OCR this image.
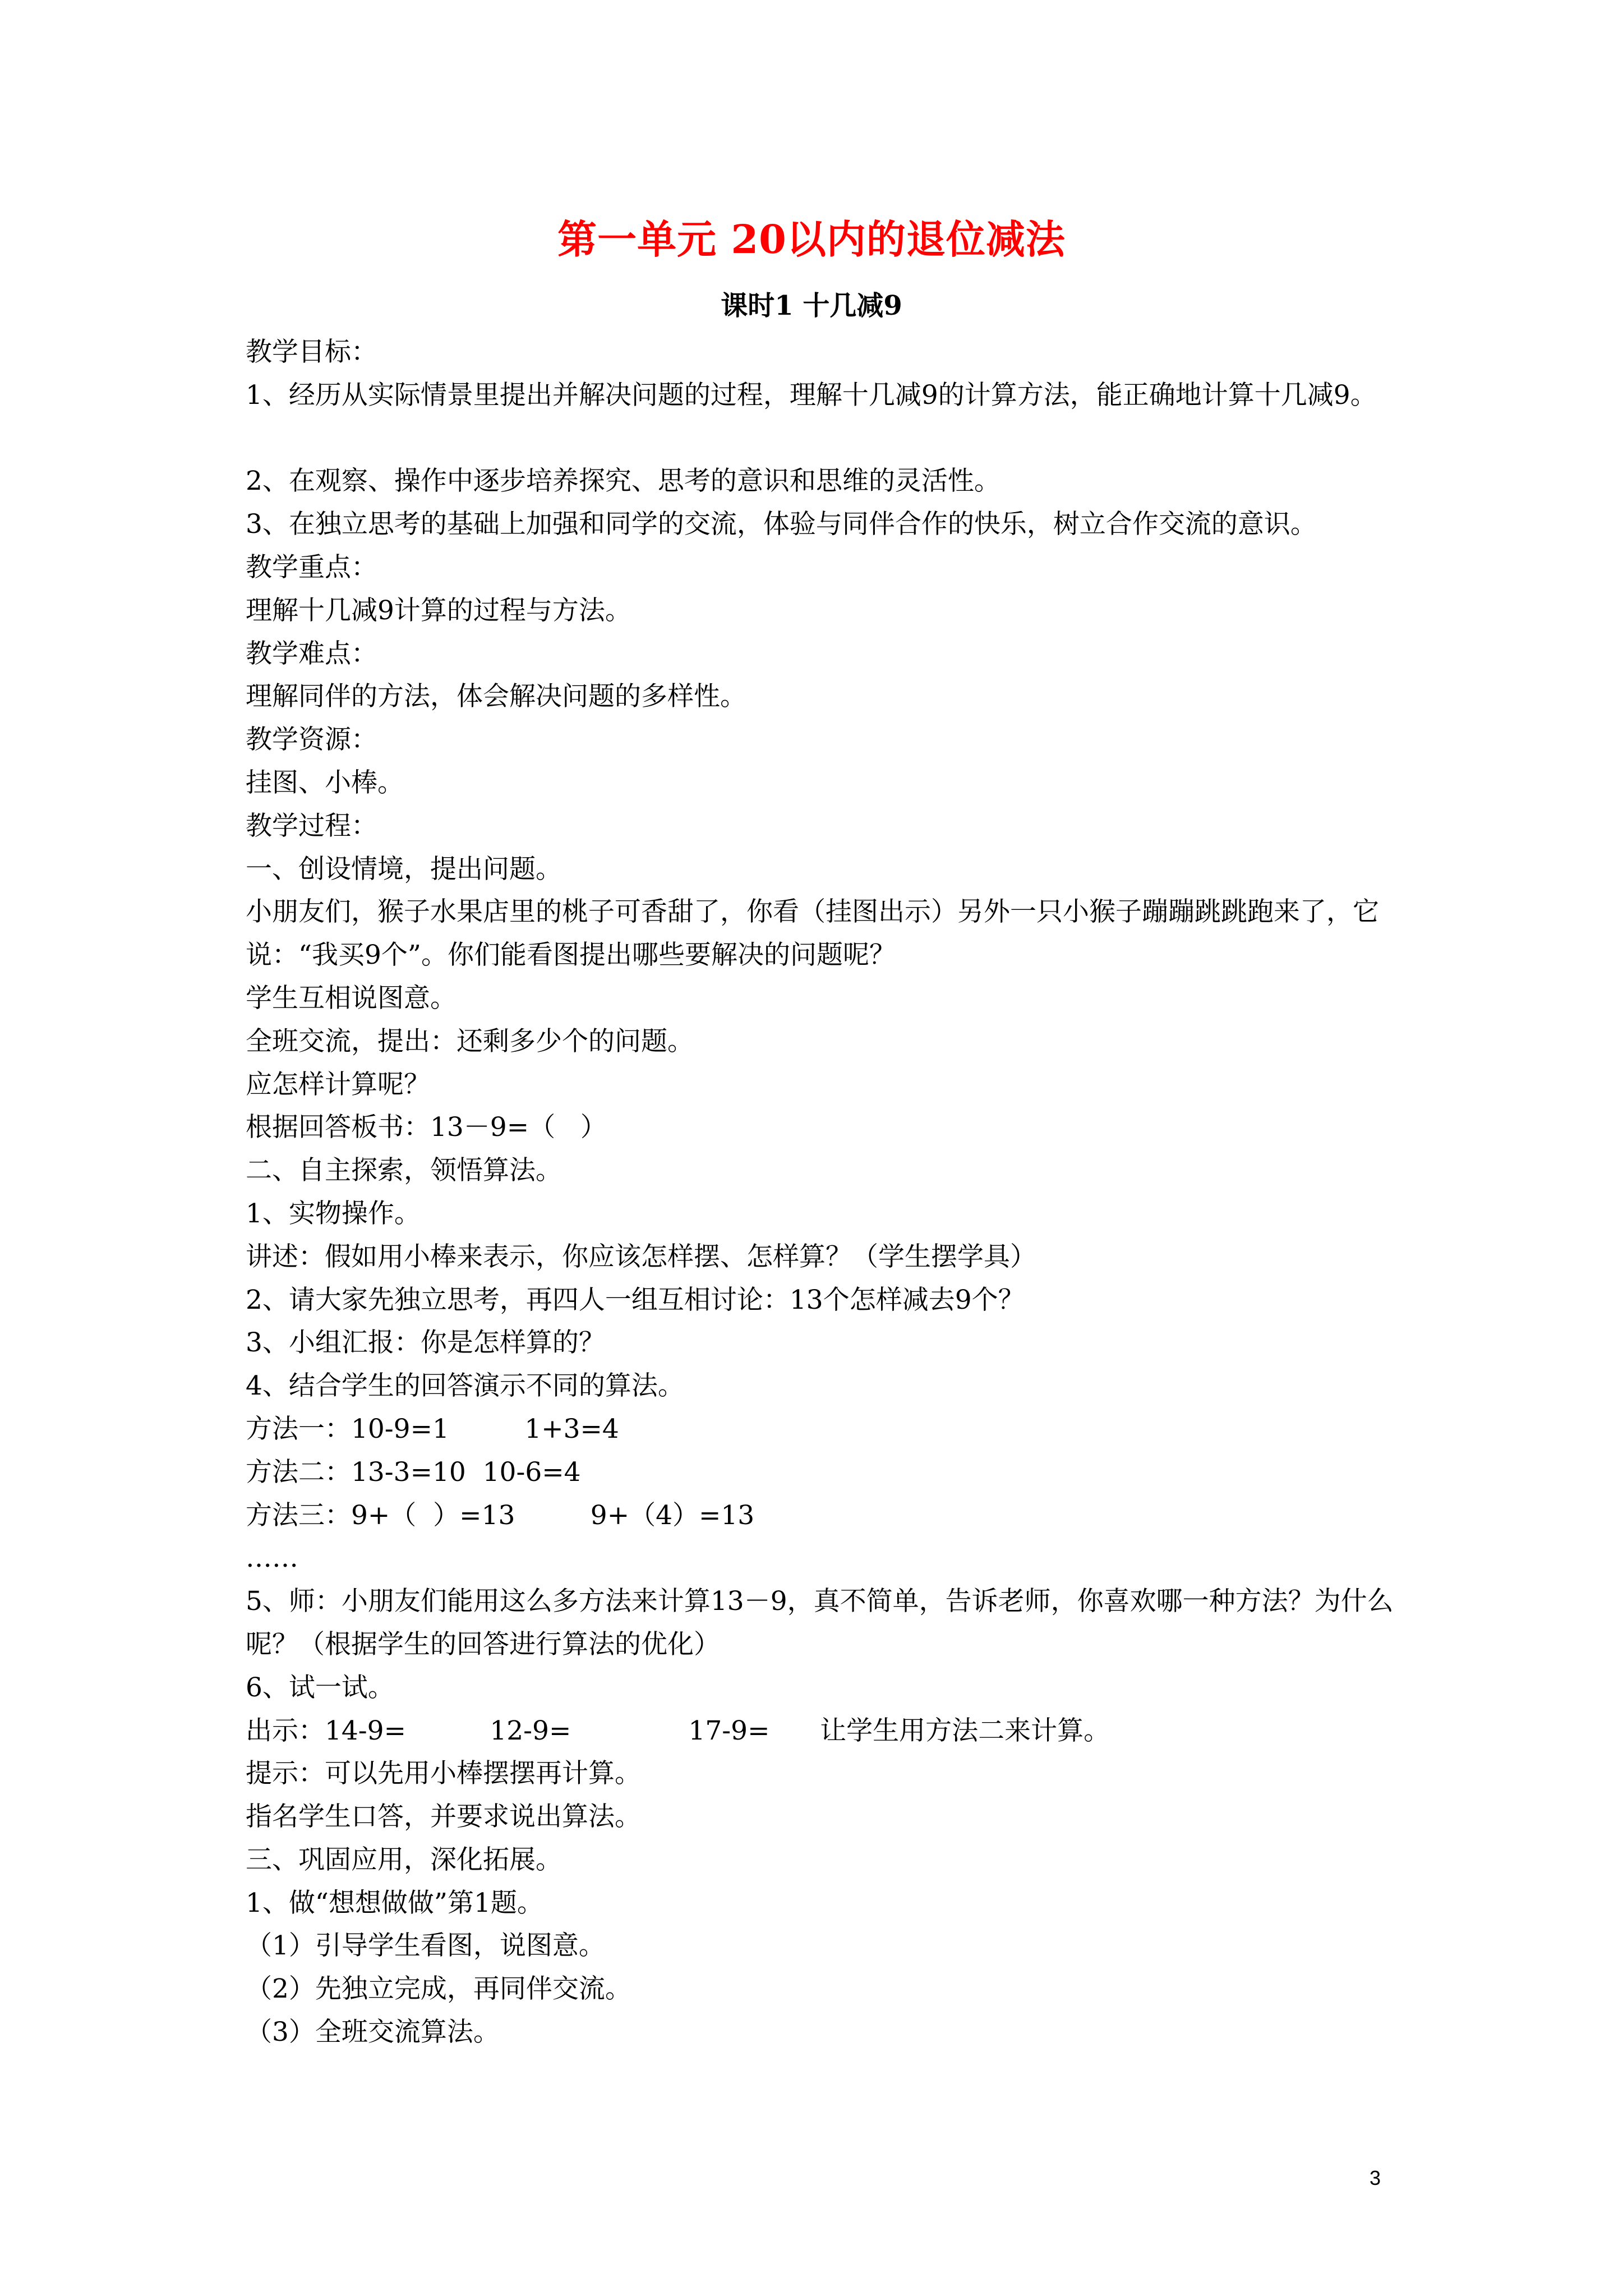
第一单元 20以内的退位减法
课时1 十几减9
教学目标：
1、经历从实际情景里提出并解决问题的过程，理解十几减9的计算方法，能正确地计算十几减9。
2、在观察、操作中逐步培养探究、思考的意识和思维的灵活性。
3、在独立思考的基础上加强和同学的交流，体验与同伴合作的快乐，树立合作交流的意识。
教学重点：
理解十几减9计算的过程与方法。
教学难点：
理解同伴的方法，体会解决问题的多样性。
教学资源：
挂图、小棒。
教学过程：
一、创设情境，提出问题。
小朋友们，猴子水果店里的桃子可香甜了，你看（挂图出示）另外一只小猴子蹦蹦跳跳跑来了，它说：“我买9个”。你们能看图提出哪些要解决的问题呢？
学生互相说图意。
全班交流，提出：还剩多少个的问题。
应怎样计算呢？
根据回答板书：13－9=（   ）
二、自主探索，领悟算法。
1、实物操作。
讲述：假如用小棒来表示，你应该怎样摆、怎样算？（学生摆学具）
2、请大家先独立思考，再四人一组互相讨论：13个怎样减去9个？
3、小组汇报：你是怎样算的？
4、结合学生的回答演示不同的算法。
方法一：10-9=1         1+3=4
方法二：13-3=10  10-6=4
方法三：9+（  ）=13         9+（4）=13
……
5、师：小朋友们能用这么多方法来计算13－9，真不简单，告诉老师，你喜欢哪一种方法？为什么呢？（根据学生的回答进行算法的优化）
6、试一试。
出示：14-9=          12-9=              17-9=      让学生用方法二来计算。
提示：可以先用小棒摆摆再计算。
指名学生口答，并要求说出算法。
三、巩固应用，深化拓展。
1、做“想想做做”第1题。
（1）引导学生看图，说图意。
（2）先独立完成，再同伴交流。
（3）全班交流算法。
3
